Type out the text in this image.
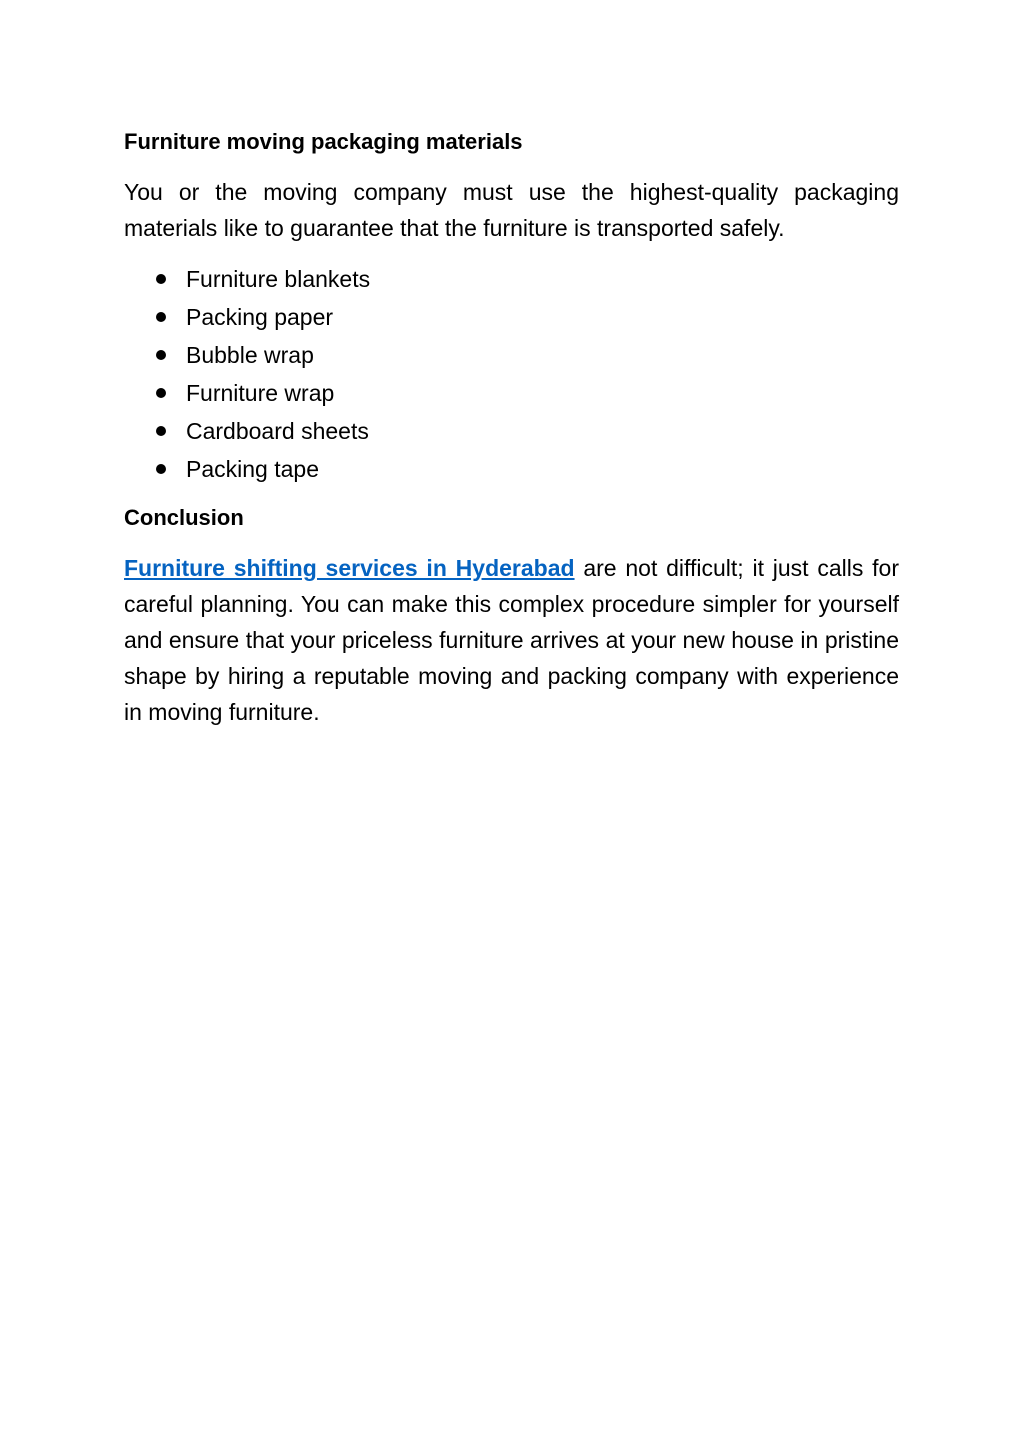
Furniture moving packaging materials

You or the moving company must use the highest-quality packaging materials like to guarantee that the furniture is transported safely.

Furniture blankets
Packing paper
Bubble wrap
Furniture wrap
Cardboard sheets
Packing tape
Conclusion

Furniture shifting services in Hyderabad are not difficult; it just calls for careful planning. You can make this complex procedure simpler for yourself and ensure that your priceless furniture arrives at your new house in pristine shape by hiring a reputable moving and packing company with experience in moving furniture.
